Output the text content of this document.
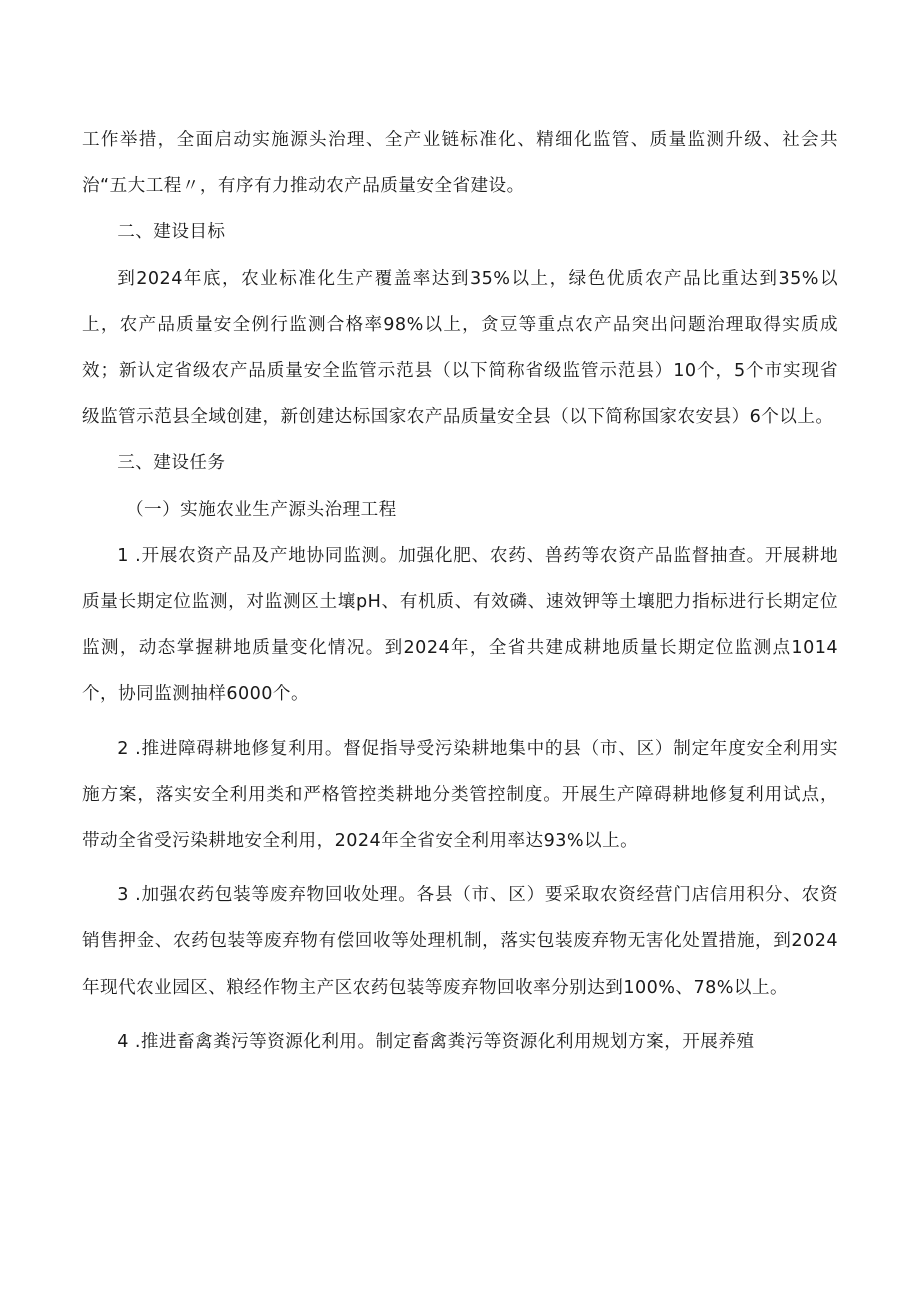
工作举措，全面启动实施源头治理、全产业链标准化、精细化监管、质量监测升级、社会共治“五大工程〃，有序有力推动农产品质量安全省建设。

二、建设目标

到2024年底，农业标准化生产覆盖率达到35%以上，绿色优质农产品比重达到35%以上，农产品质量安全例行监测合格率98%以上，贪豆等重点农产品突出问题治理取得实质成效；新认定省级农产品质量安全监管示范县（以下简称省级监管示范县）10个，5个市实现省级监管示范县全域创建，新创建达标国家农产品质量安全县（以下简称国家农安县）6个以上。

三、建设任务

（一）实施农业生产源头治理工程

1 .开展农资产品及产地协同监测。加强化肥、农药、兽药等农资产品监督抽查。开展耕地质量长期定位监测，对监测区土壤pH、有机质、有效磷、速效钾等土壤肥力指标进行长期定位监测，动态掌握耕地质量变化情况。到2024年，全省共建成耕地质量长期定位监测点1014个，协同监测抽样6000个。

2 .推进障碍耕地修复利用。督促指导受污染耕地集中的县（市、区）制定年度安全利用实施方案，落实安全利用类和严格管控类耕地分类管控制度。开展生产障碍耕地修复利用试点，带动全省受污染耕地安全利用，2024年全省安全利用率达93%以上。

3 .加强农药包装等废弃物回收处理。各县（市、区）要采取农资经营门店信用积分、农资销售押金、农药包装等废弃物有偿回收等处理机制，落实包装废弃物无害化处置措施，到2024年现代农业园区、粮经作物主产区农药包装等废弃物回收率分别达到100%、78%以上。

4 .推进畜禽粪污等资源化利用。制定畜禽粪污等资源化利用规划方案，开展养殖
